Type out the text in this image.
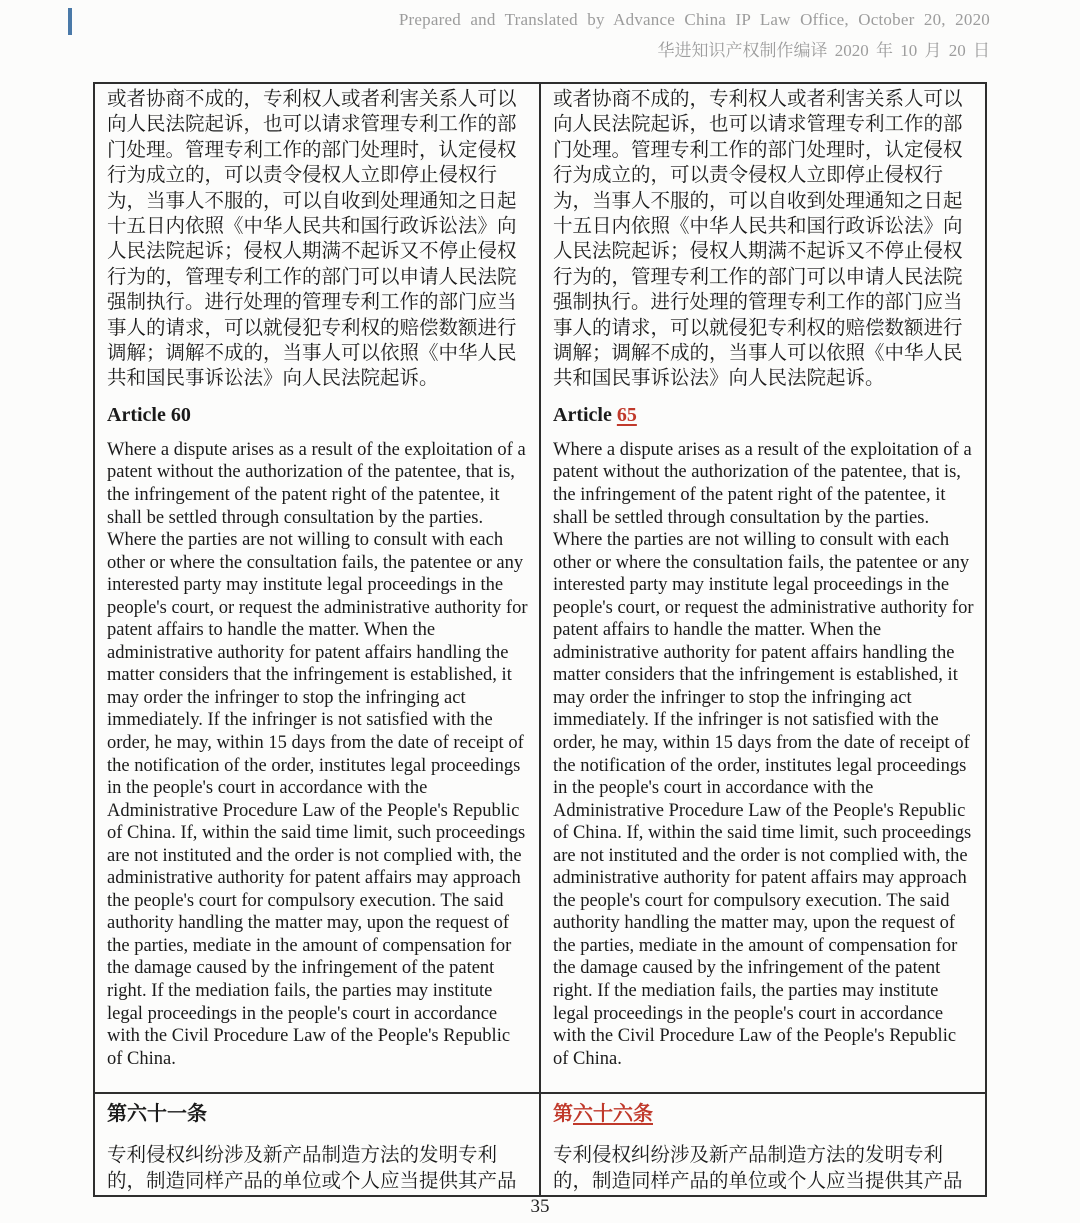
Prepared and Translated by Advance China IP Law Office, October 20, 2020
华进知识产权制作编译 2020 年 10 月 20 日
或者协商不成的，专利权人或者利害关系人可以向人民法院起诉，也可以请求管理专利工作的部门处理。管理专利工作的部门处理时，认定侵权行为成立的，可以责令侵权人立即停止侵权行为，当事人不服的，可以自收到处理通知之日起十五日内依照《中华人民共和国行政诉讼法》向人民法院起诉；侵权人期满不起诉又不停止侵权行为的，管理专利工作的部门可以申请人民法院强制执行。进行处理的管理专利工作的部门应当事人的请求，可以就侵犯专利权的赔偿数额进行调解；调解不成的，当事人可以依照《中华人民共和国民事诉讼法》向人民法院起诉。
Article 60
Where a dispute arises as a result of the exploitation of a patent without the authorization of the patentee, that is, the infringement of the patent right of the patentee, it shall be settled through consultation by the parties. Where the parties are not willing to consult with each other or where the consultation fails, the patentee or any interested party may institute legal proceedings in the people's court, or request the administrative authority for patent affairs to handle the matter. When the administrative authority for patent affairs handling the matter considers that the infringement is established, it may order the infringer to stop the infringing act immediately. If the infringer is not satisfied with the order, he may, within 15 days from the date of receipt of the notification of the order, institutes legal proceedings in the people's court in accordance with the Administrative Procedure Law of the People's Republic of China. If, within the said time limit, such proceedings are not instituted and the order is not complied with, the administrative authority for patent affairs may approach the people's court for compulsory execution. The said authority handling the matter may, upon the request of the parties, mediate in the amount of compensation for the damage caused by the infringement of the patent right. If the mediation fails, the parties may institute legal proceedings in the people's court in accordance with the Civil Procedure Law of the People's Republic of China.

或者协商不成的，专利权人或者利害关系人可以向人民法院起诉，也可以请求管理专利工作的部门处理。管理专利工作的部门处理时，认定侵权行为成立的，可以责令侵权人立即停止侵权行为，当事人不服的，可以自收到处理通知之日起十五日内依照《中华人民共和国行政诉讼法》向人民法院起诉；侵权人期满不起诉又不停止侵权行为的，管理专利工作的部门可以申请人民法院强制执行。进行处理的管理专利工作的部门应当事人的请求，可以就侵犯专利权的赔偿数额进行调解；调解不成的，当事人可以依照《中华人民共和国民事诉讼法》向人民法院起诉。
Article 65
Where a dispute arises as a result of the exploitation of a patent without the authorization of the patentee, that is, the infringement of the patent right of the patentee, it shall be settled through consultation by the parties. Where the parties are not willing to consult with each other or where the consultation fails, the patentee or any interested party may institute legal proceedings in the people's court, or request the administrative authority for patent affairs to handle the matter. When the administrative authority for patent affairs handling the matter considers that the infringement is established, it may order the infringer to stop the infringing act immediately. If the infringer is not satisfied with the order, he may, within 15 days from the date of receipt of the notification of the order, institutes legal proceedings in the people's court in accordance with the Administrative Procedure Law of the People's Republic of China. If, within the said time limit, such proceedings are not instituted and the order is not complied with, the administrative authority for patent affairs may approach the people's court for compulsory execution. The said authority handling the matter may, upon the request of the parties, mediate in the amount of compensation for the damage caused by the infringement of the patent right. If the mediation fails, the parties may institute legal proceedings in the people's court in accordance with the Civil Procedure Law of the People's Republic of China.

第六十一条
专利侵权纠纷涉及新产品制造方法的发明专利的，制造同样产品的单位或个人应当提供其产品

第六十六条
专利侵权纠纷涉及新产品制造方法的发明专利的，制造同样产品的单位或个人应当提供其产品
35
